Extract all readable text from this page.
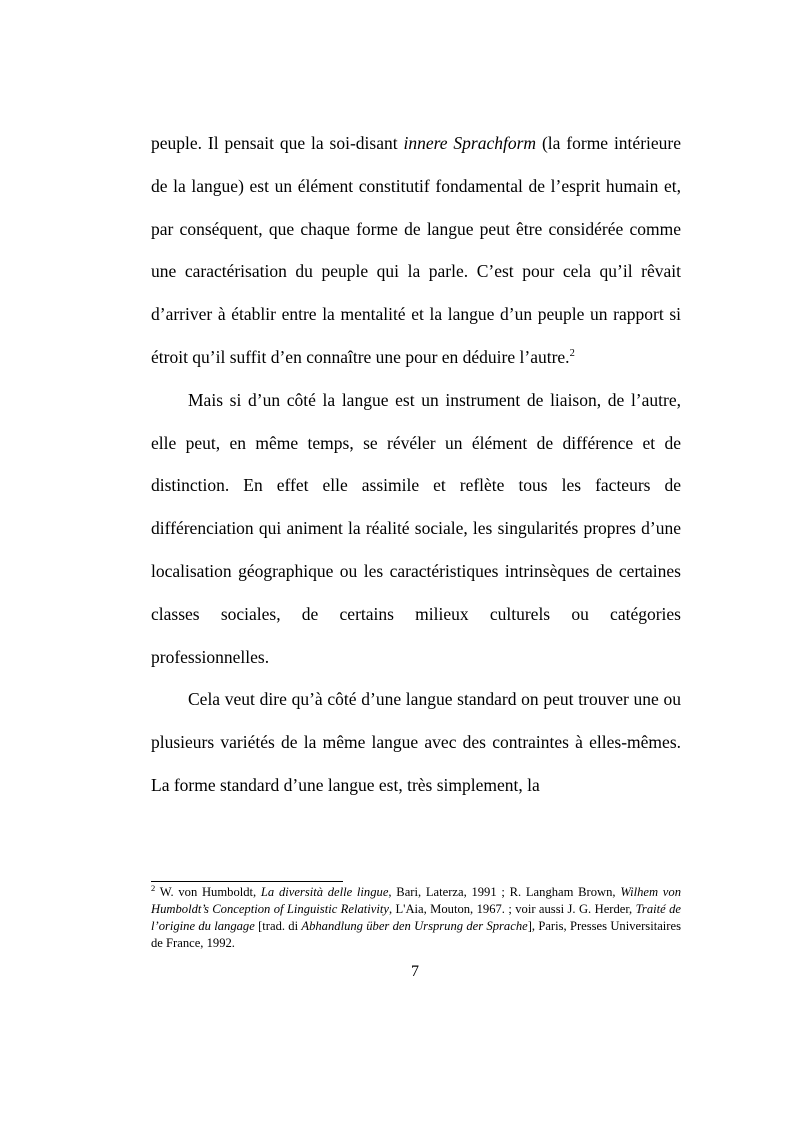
peuple. Il pensait que la soi-disant innere Sprachform (la forme intérieure de la langue) est un élément constitutif fondamental de l’esprit humain et, par conséquent, que chaque forme de langue peut être considérée comme une caractérisation du peuple qui la parle. C’est pour cela qu’il rêvait d’arriver à établir entre la mentalité et la langue d’un peuple un rapport si étroit qu’il suffit d’en connaître une pour en déduire l’autre.$^2$

Mais si d’un côté la langue est un instrument de liaison, de l’autre, elle peut, en même temps, se révéler un élément de différence et de distinction. En effet elle assimile et reflète tous les facteurs de différenciation qui animent la réalité sociale, les singularités propres d’une localisation géographique ou les caractéristiques intrinsèques de certaines classes sociales, de certains milieux culturels ou catégories professionnelles.

Cela veut dire qu’à côté d’une langue standard on peut trouver une ou plusieurs variétés de la même langue avec des contraintes à elles-mêmes. La forme standard d’une langue est, très simplement, la

$^2$ W. von Humboldt, La diversità delle lingue, Bari, Laterza, 1991 ; R. Langham Brown, Wilhem von Humboldt’s Conception of Linguistic Relativity, L'Aia, Mouton, 1967. ; voir aussi J. G. Herder, Traité de l’origine du langage [trad. di Abhandlung über den Ursprung der Sprache], Paris, Presses Universitaires de France, 1992.

7
